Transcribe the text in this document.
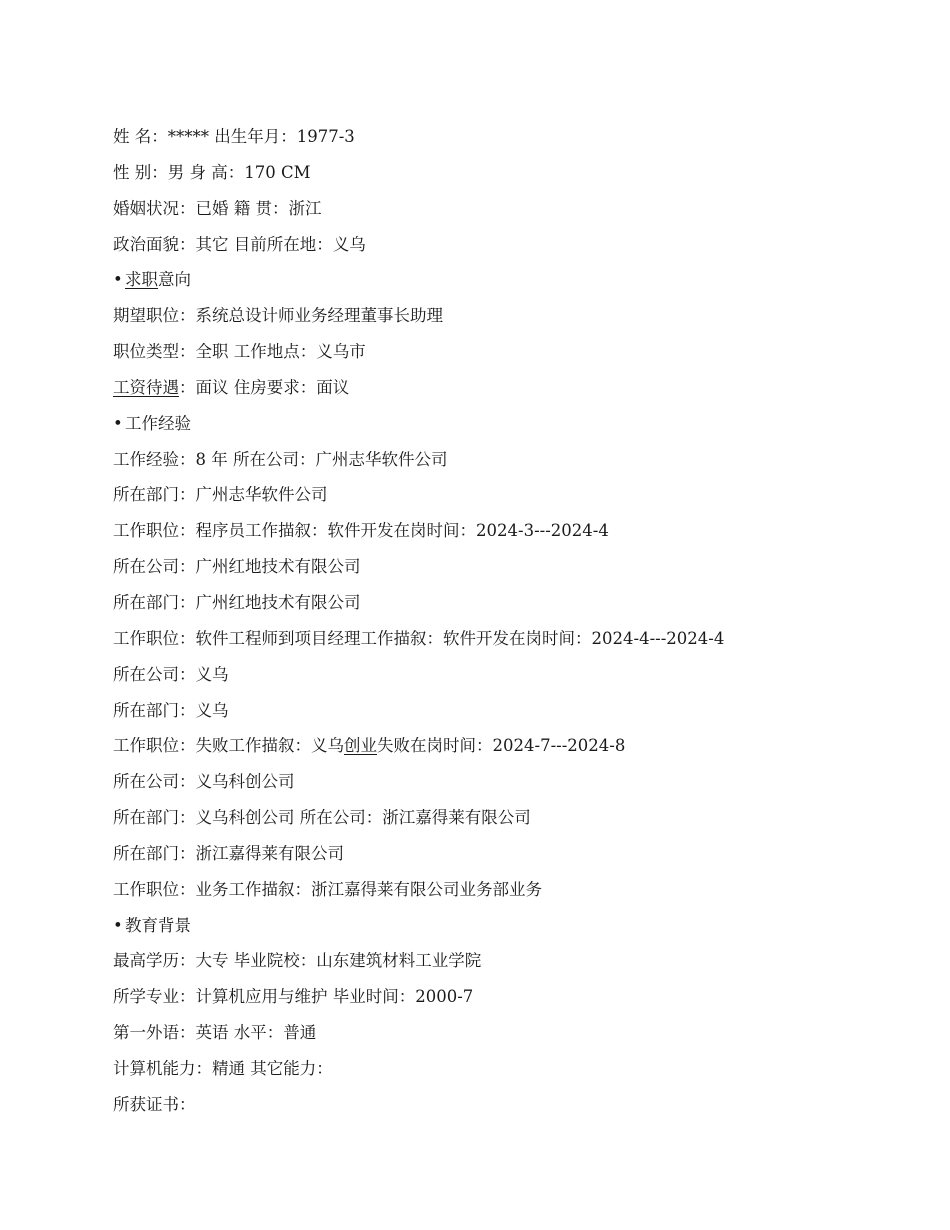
姓 名：***** 出生年月：1977-3
性 别：男 身 高：170 CM
婚姻状况：已婚 籍 贯：浙江
政治面貌：其它 目前所在地：义乌
• 求职意向
期望职位：系统总设计师业务经理董事长助理
职位类型：全职 工作地点：义乌市
工资待遇：面议 住房要求：面议
• 工作经验
工作经验：8 年 所在公司：广州志华软件公司
所在部门：广州志华软件公司
工作职位：程序员工作描叙：软件开发在岗时间：2024-3---2024-4
所在公司：广州红地技术有限公司
所在部门：广州红地技术有限公司
工作职位：软件工程师到项目经理工作描叙：软件开发在岗时间：2024-4---2024-4
所在公司：义乌
所在部门：义乌
工作职位：失败工作描叙：义乌创业失败在岗时间：2024-7---2024-8
所在公司：义乌科创公司
所在部门：义乌科创公司 所在公司：浙江嘉得莱有限公司
所在部门：浙江嘉得莱有限公司
工作职位：业务工作描叙：浙江嘉得莱有限公司业务部业务
• 教育背景
最高学历：大专 毕业院校：山东建筑材料工业学院
所学专业：计算机应用与维护 毕业时间：2000-7
第一外语：英语 水平：普通
计算机能力：精通 其它能力：
所获证书：
